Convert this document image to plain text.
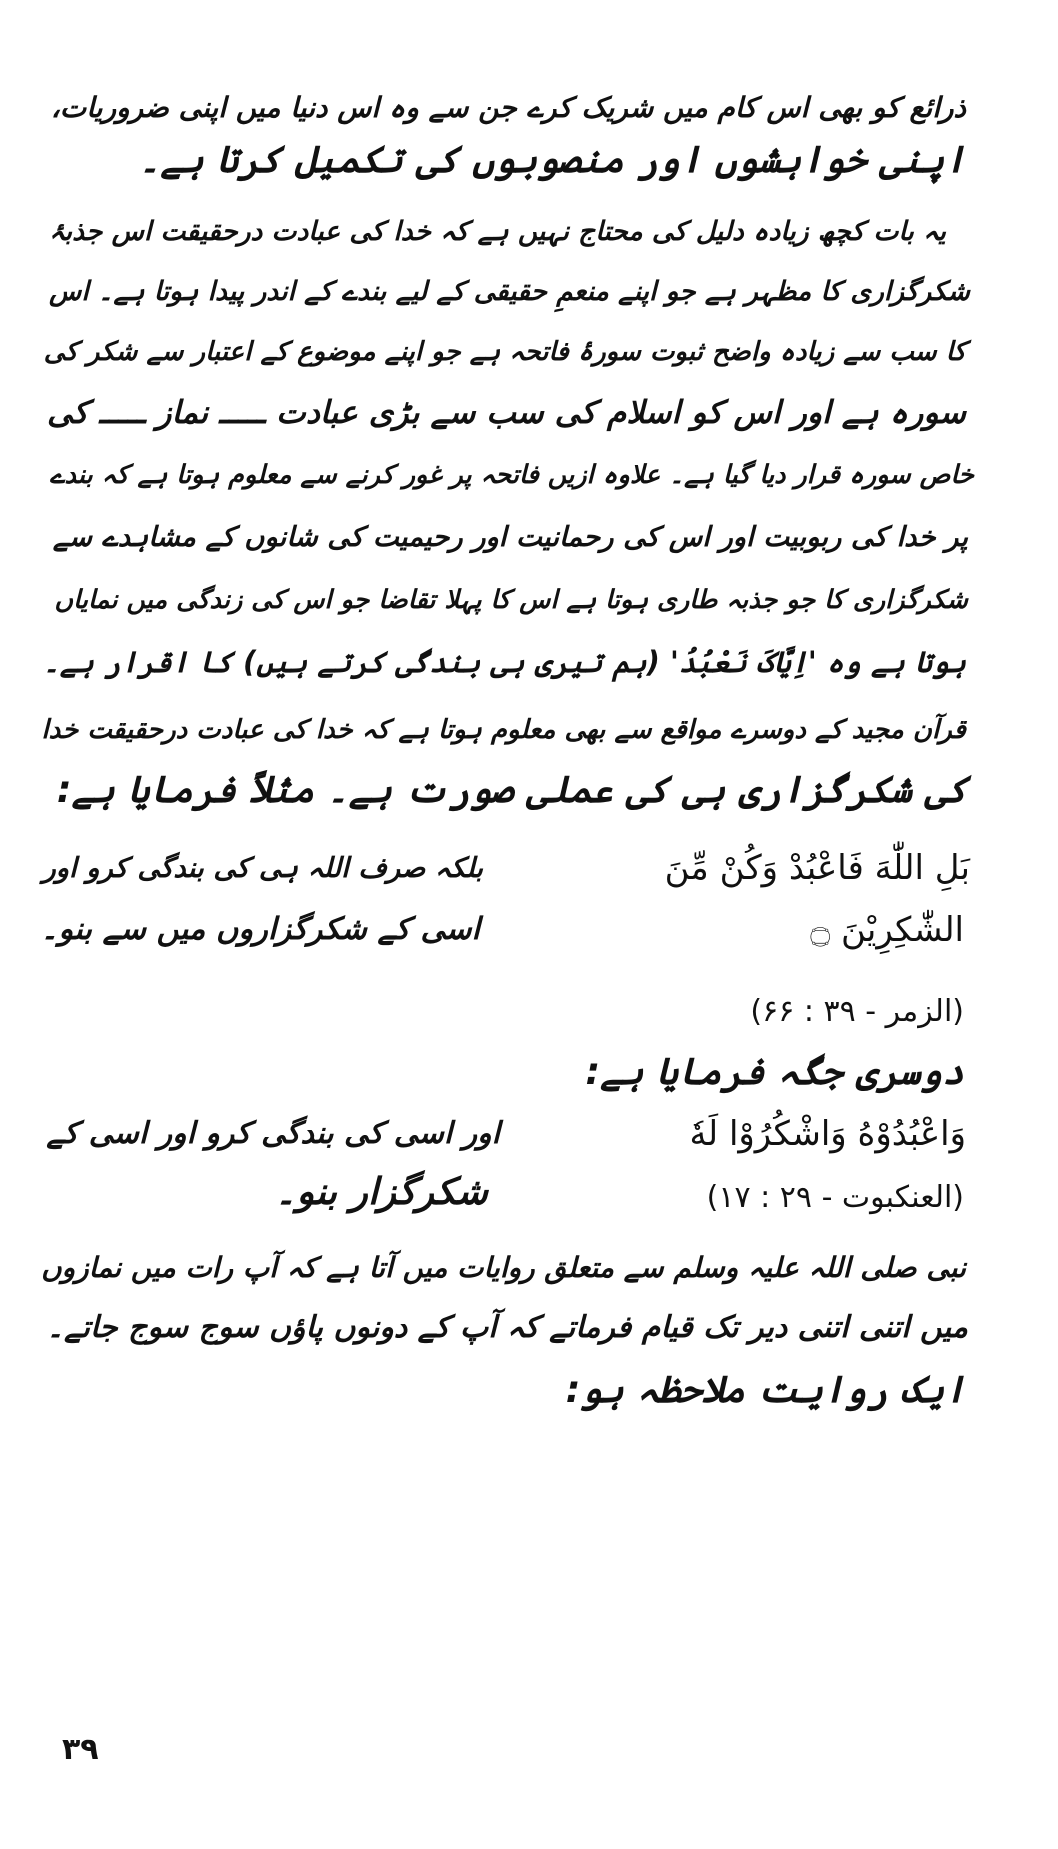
ذرائع کو بھی اس کام میں شریک کرے جن سے وہ اس دنیا میں اپنی ضروریات،
اپنی خواہشوں اور منصوبوں کی تکمیل کرتا ہے۔
یہ بات کچھ زیادہ دلیل کی محتاج نہیں ہے کہ خدا کی عبادت درحقیقت اس جذبۂ
شکرگزاری کا مظہر ہے جو اپنے منعمِ حقیقی کے لیے بندے کے اندر پیدا ہوتا ہے۔ اس
کا سب سے زیادہ واضح ثبوت سورۂ فاتحہ ہے جو اپنے موضوع کے اعتبار سے شکر کی
سورہ ہے اور اس کو اسلام کی سب سے بڑی عبادت ـــــ نماز ـــــ کی
خاص سورہ قرار دیا گیا ہے۔ علاوہ ازیں فاتحہ پر غور کرنے سے معلوم ہوتا ہے کہ بندے
پر خدا کی ربوبیت اور اس کی رحمانیت اور رحیمیت کی شانوں کے مشاہدے سے
شکرگزاری کا جو جذبہ طاری ہوتا ہے اس کا پہلا تقاضا جو اس کی زندگی میں نمایاں
ہوتا ہے وہ 'اِیَّاکَ نَعْبُدُ' (ہم تیری ہی بندگی کرتے ہیں) کا اقرار ہے۔
قرآن مجید کے دوسرے مواقع سے بھی معلوم ہوتا ہے کہ خدا کی عبادت درحقیقت خدا
کی شکرگزاری ہی کی عملی صورت ہے۔ مثلاً فرمایا ہے:
بَلِ اللّٰهَ فَاعْبُدْ وَكُنْ مِّنَ
بلکہ صرف اللہ ہی کی بندگی کرو اور
الشّٰكِرِيْنَ ۝
اسی کے شکرگزاروں میں سے بنو۔
(الزمر - ۳۹ : ۶۶)
دوسری جگہ فرمایا ہے:
وَاعْبُدُوْهُ وَاشْكُرُوْا لَهٗ
اور اسی کی بندگی کرو اور اسی کے
شکرگزار بنو۔	(العنکبوت - ۲۹ : ۱۷)
نبی صلی اللہ علیہ وسلم سے متعلق روایات میں آتا ہے کہ آپ رات میں نمازوں
میں اتنی اتنی دیر تک قیام فرماتے کہ آپ کے دونوں پاؤں سوج سوج جاتے۔
ایک روایت ملاحظہ ہو:
۳۹
